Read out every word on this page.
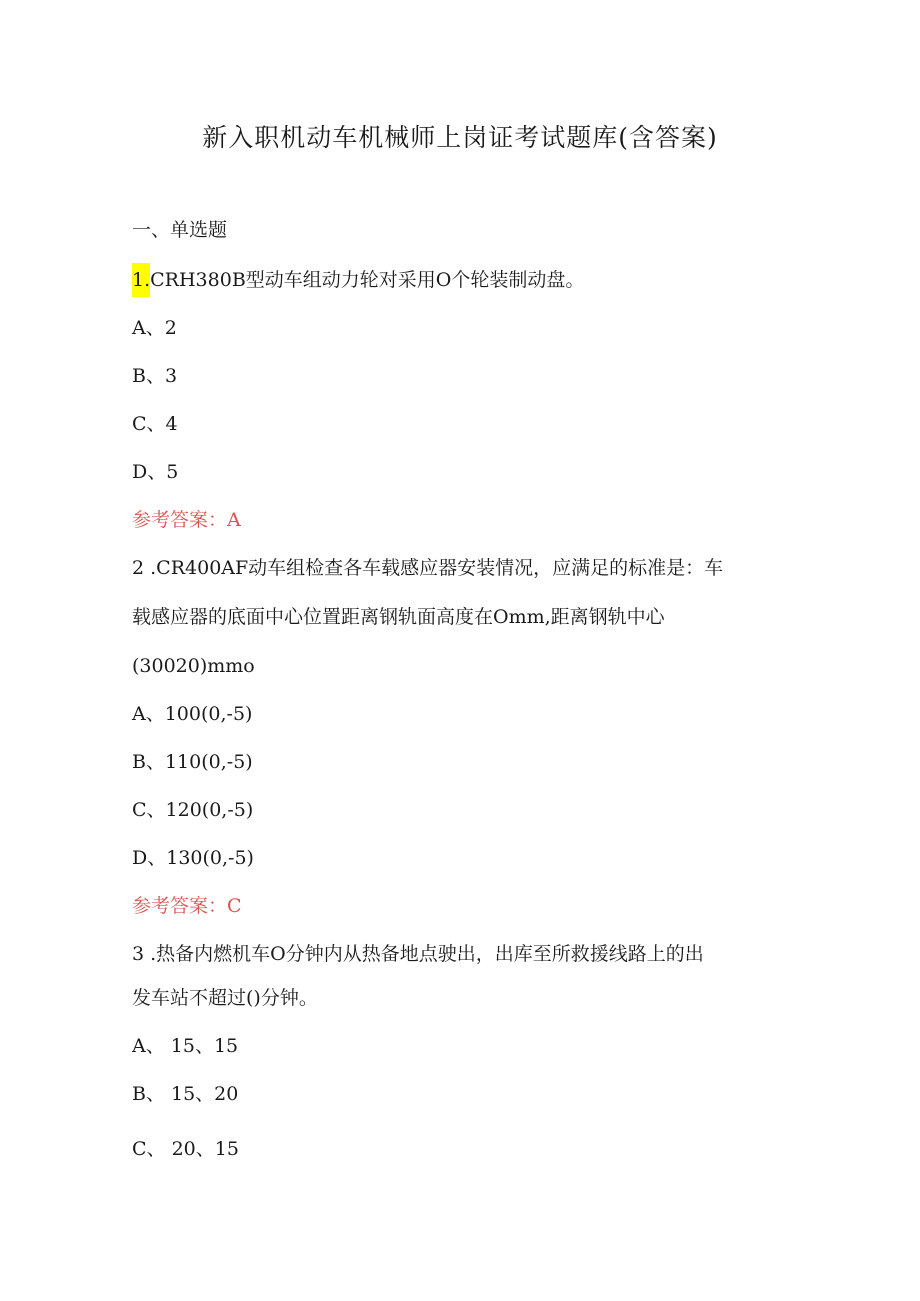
新入职机动车机械师上岗证考试题库(含答案)
一、单选题
1.CRH380B型动车组动力轮对采用O个轮装制动盘。
A、2
B、3
C、4
D、5
参考答案：A
2 .CR400AF动车组检查各车载感应器安装情况，应满足的标准是：车
载感应器的底面中心位置距离钢轨面高度在Omm,距离钢轨中心
(30020)mmo
A、100(0,-5)
B、110(0,-5)
C、120(0,-5)
D、130(0,-5)
参考答案：C
3 .热备内燃机车O分钟内从热备地点驶出，出库至所救援线路上的出
发车站不超过()分钟。
A、 15、15
B、 15、20
C、 20、15
